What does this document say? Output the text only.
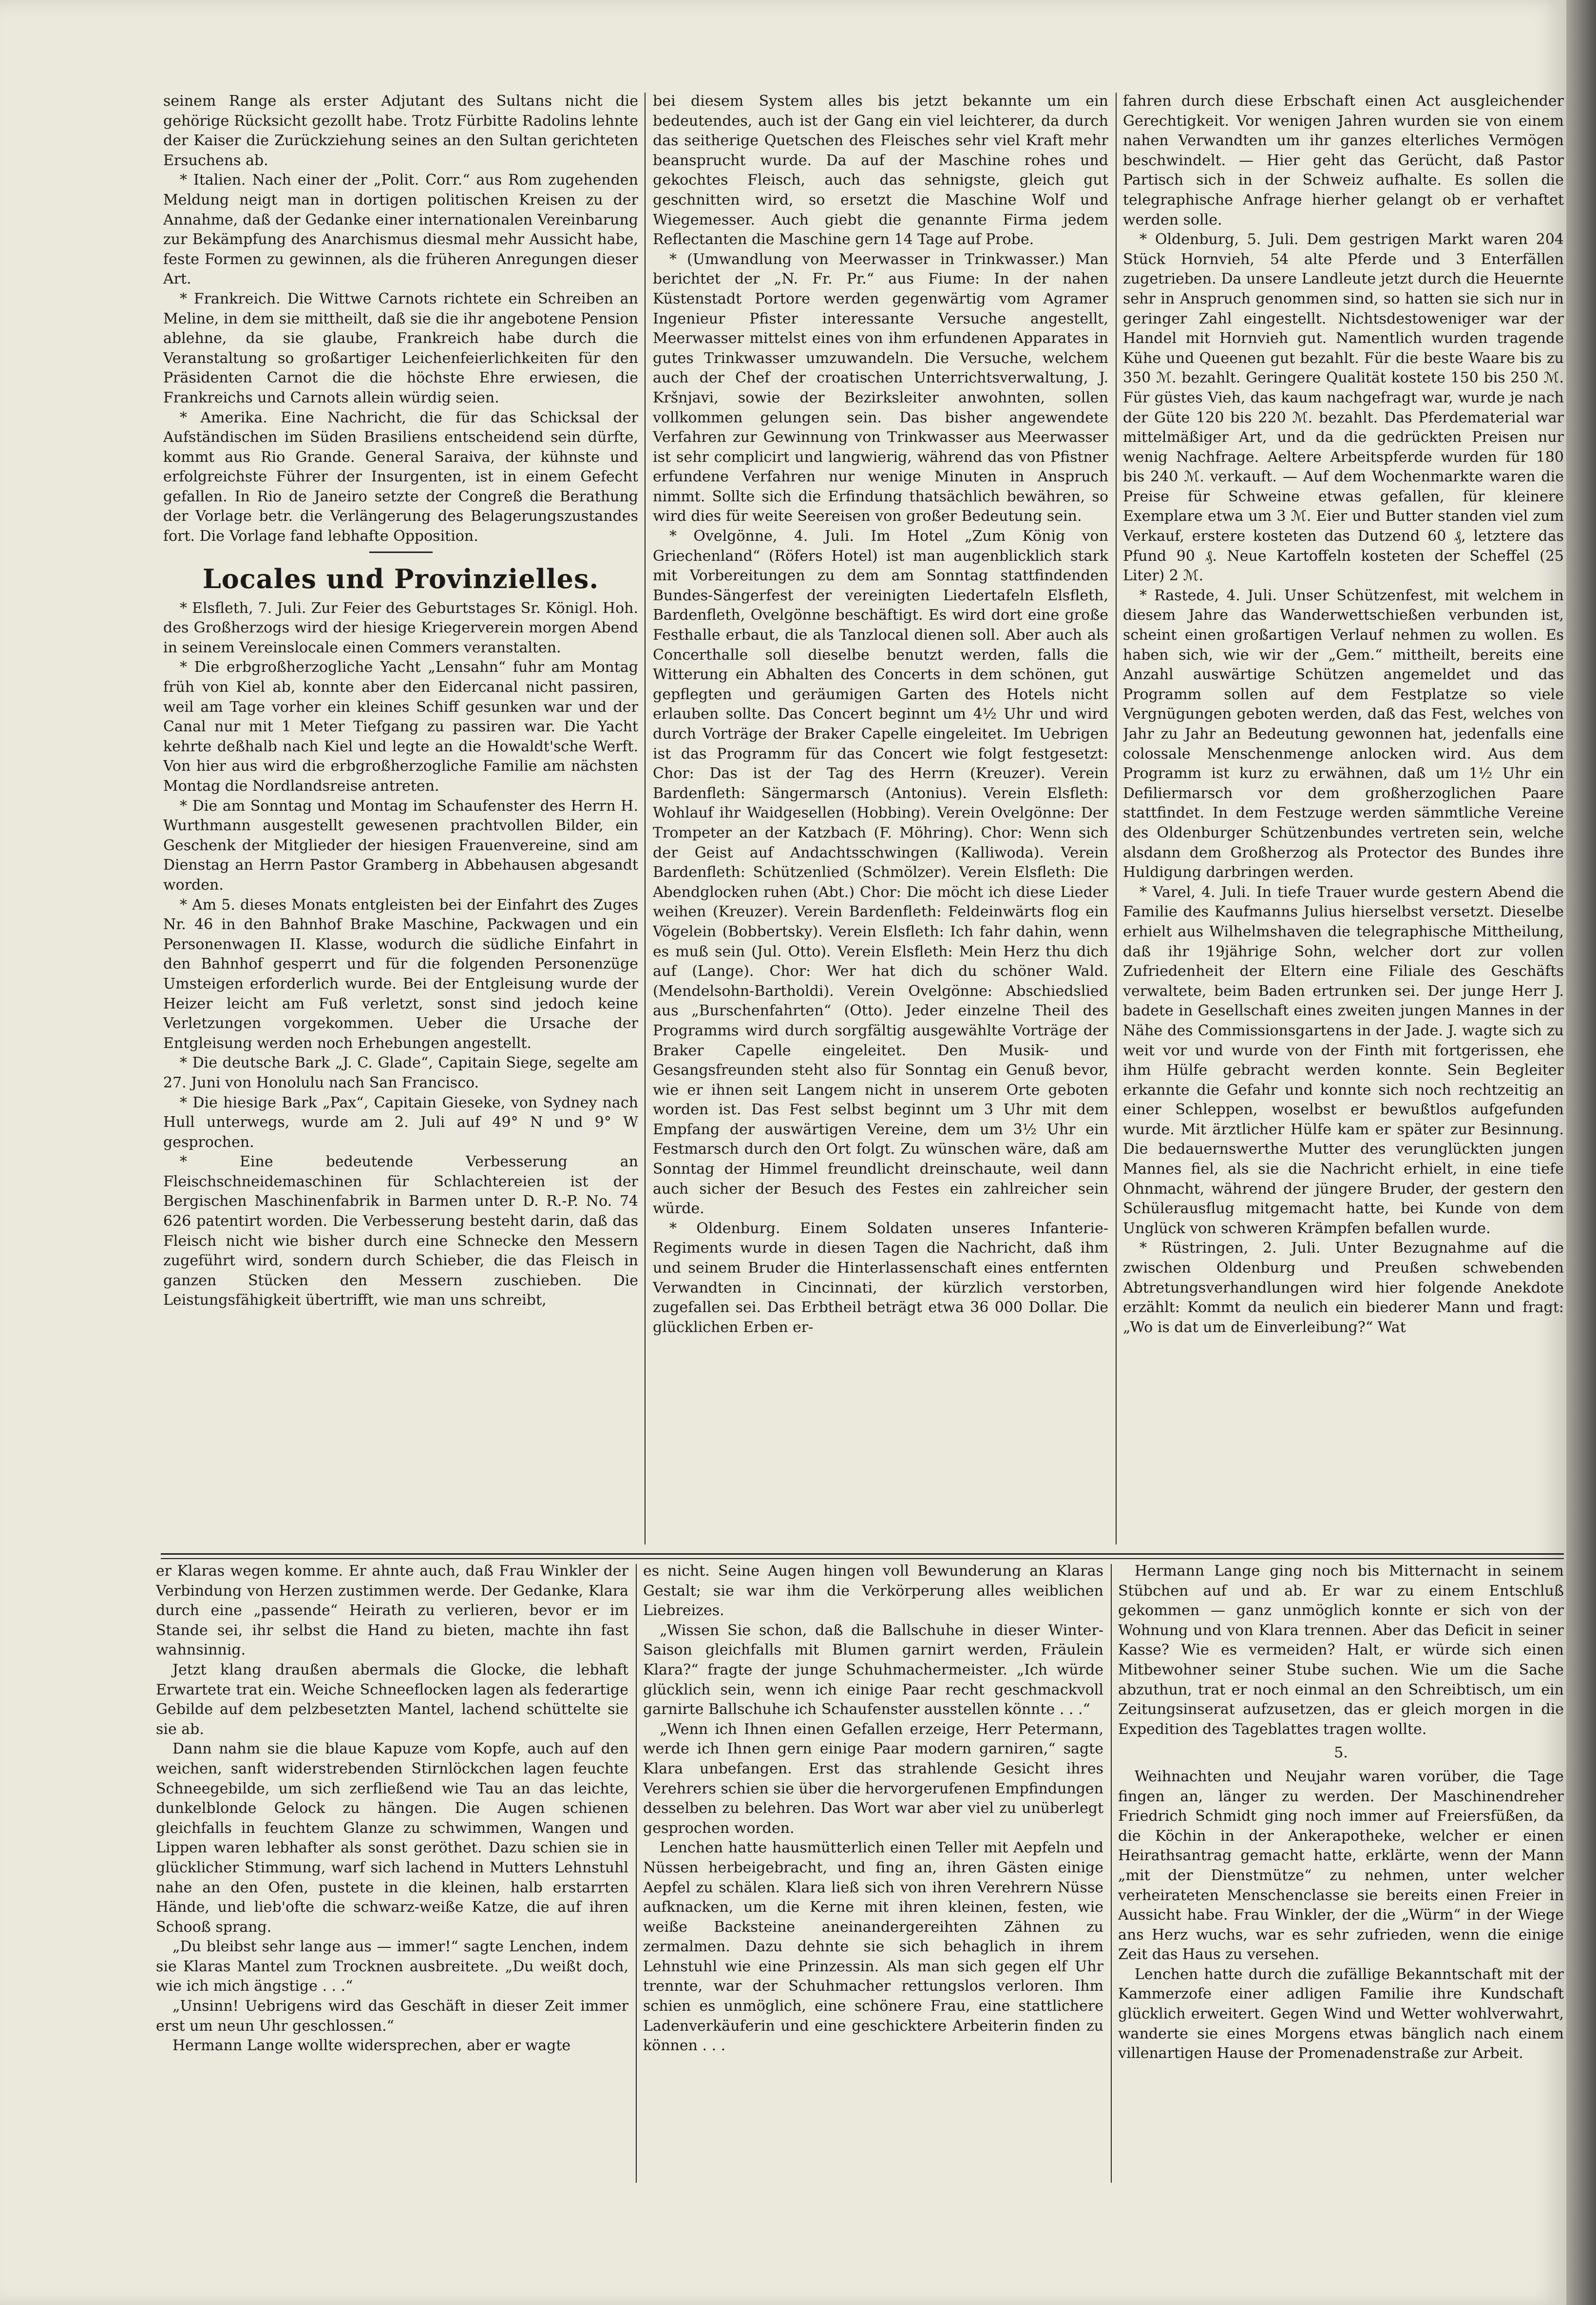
seinem Range als erster Adjutant des Sultans nicht die gehörige Rücksicht gezollt habe. Trotz Fürbitte Radolins lehnte der Kaiser die Zurückziehung seines an den Sultan gerichteten Ersuchens ab.

* Italien. Nach einer der „Polit. Corr.“ aus Rom zugehenden Meldung neigt man in dortigen politischen Kreisen zu der Annahme, daß der Gedanke einer internationalen Vereinbarung zur Bekämpfung des Anarchismus diesmal mehr Aussicht habe, feste Formen zu gewinnen, als die früheren Anregungen dieser Art.

* Frankreich. Die Wittwe Carnots richtete ein Schreiben an Meline, in dem sie mittheilt, daß sie die ihr angebotene Pension ablehne, da sie glaube, Frankreich habe durch die Veranstaltung so großartiger Leichenfeierlichkeiten für den Präsidenten Carnot die die höchste Ehre erwiesen, die Frankreichs und Carnots allein würdig seien.

* Amerika. Eine Nachricht, die für das Schicksal der Aufständischen im Süden Brasiliens entscheidend sein dürfte, kommt aus Rio Grande. General Saraiva, der kühnste und erfolgreichste Führer der Insurgenten, ist in einem Gefecht gefallen. In Rio de Janeiro setzte der Congreß die Berathung der Vorlage betr. die Verlängerung des Belagerungszustandes fort. Die Vorlage fand lebhafte Opposition.

Locales und Provinzielles.

* Elsfleth, 7. Juli. Zur Feier des Geburtstages Sr. Königl. Hoh. des Großherzogs wird der hiesige Kriegerverein morgen Abend in seinem Vereinslocale einen Commers veranstalten.

* Die erbgroßherzogliche Yacht „Lensahn“ fuhr am Montag früh von Kiel ab, konnte aber den Eidercanal nicht passiren, weil am Tage vorher ein kleines Schiff gesunken war und der Canal nur mit 1 Meter Tiefgang zu passiren war. Die Yacht kehrte deßhalb nach Kiel und legte an die Howaldt'sche Werft. Von hier aus wird die erbgroßherzogliche Familie am nächsten Montag die Nordlandsreise antreten.

* Die am Sonntag und Montag im Schaufenster des Herrn H. Wurthmann ausgestellt gewesenen prachtvollen Bilder, ein Geschenk der Mitglieder der hiesigen Frauenvereine, sind am Dienstag an Herrn Pastor Gramberg in Abbehausen abgesandt worden.

* Am 5. dieses Monats entgleisten bei der Einfahrt des Zuges Nr. 46 in den Bahnhof Brake Maschine, Packwagen und ein Personenwagen II. Klasse, wodurch die südliche Einfahrt in den Bahnhof gesperrt und für die folgenden Personenzüge Umsteigen erforderlich wurde. Bei der Entgleisung wurde der Heizer leicht am Fuß verletzt, sonst sind jedoch keine Verletzungen vorgekommen. Ueber die Ursache der Entgleisung werden noch Erhebungen angestellt.

* Die deutsche Bark „J. C. Glade“, Capitain Siege, segelte am 27. Juni von Honolulu nach San Francisco.

* Die hiesige Bark „Pax“, Capitain Gieseke, von Sydney nach Hull unterwegs, wurde am 2. Juli auf 49° N und 9° W gesprochen.

* Eine bedeutende Verbesserung an Fleischschneidemaschinen für Schlachtereien ist der Bergischen Maschinenfabrik in Barmen unter D. R.-P. No. 74 626 patentirt worden. Die Verbesserung besteht darin, daß das Fleisch nicht wie bisher durch eine Schnecke den Messern zugeführt wird, sondern durch Schieber, die das Fleisch in ganzen Stücken den Messern zuschieben. Die Leistungsfähigkeit übertrifft, wie man uns schreibt,

bei diesem System alles bis jetzt bekannte um ein bedeutendes, auch ist der Gang ein viel leichterer, da durch das seitherige Quetschen des Fleisches sehr viel Kraft mehr beansprucht wurde. Da auf der Maschine rohes und gekochtes Fleisch, auch das sehnigste, gleich gut geschnitten wird, so ersetzt die Maschine Wolf und Wiegemesser. Auch giebt die genannte Firma jedem Reflectanten die Maschine gern 14 Tage auf Probe.

* (Umwandlung von Meerwasser in Trinkwasser.) Man berichtet der „N. Fr. Pr.“ aus Fiume: In der nahen Küstenstadt Portore werden gegenwärtig vom Agramer Ingenieur Pfister interessante Versuche angestellt, Meerwasser mittelst eines von ihm erfundenen Apparates in gutes Trinkwasser umzuwandeln. Die Versuche, welchem auch der Chef der croatischen Unterrichtsverwaltung, J. Kršnjavi, sowie der Bezirksleiter anwohnten, sollen vollkommen gelungen sein. Das bisher angewendete Verfahren zur Gewinnung von Trinkwasser aus Meerwasser ist sehr complicirt und langwierig, während das von Pfistner erfundene Verfahren nur wenige Minuten in Anspruch nimmt. Sollte sich die Erfindung thatsächlich bewähren, so wird dies für weite Seereisen von großer Bedeutung sein.

* Ovelgönne, 4. Juli. Im Hotel „Zum König von Griechenland“ (Röfers Hotel) ist man augenblicklich stark mit Vorbereitungen zu dem am Sonntag stattfindenden Bundes-Sängerfest der vereinigten Liedertafeln Elsfleth, Bardenfleth, Ovelgönne beschäftigt. Es wird dort eine große Festhalle erbaut, die als Tanzlocal dienen soll. Aber auch als Concerthalle soll dieselbe benutzt werden, falls die Witterung ein Abhalten des Concerts in dem schönen, gut gepflegten und geräumigen Garten des Hotels nicht erlauben sollte. Das Concert beginnt um 4½ Uhr und wird durch Vorträge der Braker Capelle eingeleitet. Im Uebrigen ist das Programm für das Concert wie folgt festgesetzt: Chor: Das ist der Tag des Herrn (Kreuzer). Verein Bardenfleth: Sängermarsch (Antonius). Verein Elsfleth: Wohlauf ihr Waidgesellen (Hobbing). Verein Ovelgönne: Der Trompeter an der Katzbach (F. Möhring). Chor: Wenn sich der Geist auf Andachtsschwingen (Kalliwoda). Verein Bardenfleth: Schützenlied (Schmölzer). Verein Elsfleth: Die Abendglocken ruhen (Abt.) Chor: Die möcht ich diese Lieder weihen (Kreuzer). Verein Bardenfleth: Feldeinwärts flog ein Vögelein (Bobbertsky). Verein Elsfleth: Ich fahr dahin, wenn es muß sein (Jul. Otto). Verein Elsfleth: Mein Herz thu dich auf (Lange). Chor: Wer hat dich du schöner Wald. (Mendelsohn-Bartholdi). Verein Ovelgönne: Abschiedslied aus „Burschenfahrten“ (Otto). Jeder einzelne Theil des Programms wird durch sorgfältig ausgewählte Vorträge der Braker Capelle eingeleitet. Den Musik- und Gesangsfreunden steht also für Sonntag ein Genuß bevor, wie er ihnen seit Langem nicht in unserem Orte geboten worden ist. Das Fest selbst beginnt um 3 Uhr mit dem Empfang der auswärtigen Vereine, dem um 3½ Uhr ein Festmarsch durch den Ort folgt. Zu wünschen wäre, daß am Sonntag der Himmel freundlicht dreinschaute, weil dann auch sicher der Besuch des Festes ein zahlreicher sein würde.

* Oldenburg. Einem Soldaten unseres Infanterie-Regiments wurde in diesen Tagen die Nachricht, daß ihm und seinem Bruder die Hinterlassenschaft eines entfernten Verwandten in Cincinnati, der kürzlich verstorben, zugefallen sei. Das Erbtheil beträgt etwa 36 000 Dollar. Die glücklichen Erben er-

fahren durch diese Erbschaft einen Act ausgleichender Gerechtigkeit. Vor wenigen Jahren wurden sie von einem nahen Verwandten um ihr ganzes elterliches Vermögen beschwindelt. — Hier geht das Gerücht, daß Pastor Partisch sich in der Schweiz aufhalte. Es sollen die telegraphische Anfrage hierher gelangt ob er verhaftet werden solle.

* Oldenburg, 5. Juli. Dem gestrigen Markt waren 204 Stück Hornvieh, 54 alte Pferde und 3 Enterfällen zugetrieben. Da unsere Landleute jetzt durch die Heuernte sehr in Anspruch genommen sind, so hatten sie sich nur in geringer Zahl eingestellt. Nichtsdestoweniger war der Handel mit Hornvieh gut. Namentlich wurden tragende Kühe und Queenen gut bezahlt. Für die beste Waare bis zu 350 ℳ. bezahlt. Geringere Qualität kostete 150 bis 250 ℳ. Für güstes Vieh, das kaum nachgefragt war, wurde je nach der Güte 120 bis 220 ℳ. bezahlt. Das Pferdematerial war mittelmäßiger Art, und da die gedrückten Preisen nur wenig Nachfrage. Aeltere Arbeitspferde wurden für 180 bis 240 ℳ. verkauft. — Auf dem Wochenmarkte waren die Preise für Schweine etwas gefallen, für kleinere Exemplare etwa um 3 ℳ. Eier und Butter standen viel zum Verkauf, erstere kosteten das Dutzend 60 ₰, letztere das Pfund 90 ₰. Neue Kartoffeln kosteten der Scheffel (25 Liter) 2 ℳ.

* Rastede, 4. Juli. Unser Schützenfest, mit welchem in diesem Jahre das Wanderwettschießen verbunden ist, scheint einen großartigen Verlauf nehmen zu wollen. Es haben sich, wie wir der „Gem.“ mittheilt, bereits eine Anzahl auswärtige Schützen angemeldet und das Programm sollen auf dem Festplatze so viele Vergnügungen geboten werden, daß das Fest, welches von Jahr zu Jahr an Bedeutung gewonnen hat, jedenfalls eine colossale Menschenmenge anlocken wird. Aus dem Programm ist kurz zu erwähnen, daß um 1½ Uhr ein Defiliermarsch vor dem großherzoglichen Paare stattfindet. In dem Festzuge werden sämmtliche Vereine des Oldenburger Schützenbundes vertreten sein, welche alsdann dem Großherzog als Protector des Bundes ihre Huldigung darbringen werden.

* Varel, 4. Juli. In tiefe Trauer wurde gestern Abend die Familie des Kaufmanns Julius hierselbst versetzt. Dieselbe erhielt aus Wilhelmshaven die telegraphische Mittheilung, daß ihr 19jährige Sohn, welcher dort zur vollen Zufriedenheit der Eltern eine Filiale des Geschäfts verwaltete, beim Baden ertrunken sei. Der junge Herr J. badete in Gesellschaft eines zweiten jungen Mannes in der Nähe des Commissionsgartens in der Jade. J. wagte sich zu weit vor und wurde von der Finth mit fortgerissen, ehe ihm Hülfe gebracht werden konnte. Sein Begleiter erkannte die Gefahr und konnte sich noch rechtzeitig an einer Schleppen, woselbst er bewußtlos aufgefunden wurde. Mit ärztlicher Hülfe kam er später zur Besinnung. Die bedauernswerthe Mutter des verunglückten jungen Mannes fiel, als sie die Nachricht erhielt, in eine tiefe Ohnmacht, während der jüngere Bruder, der gestern den Schülerausflug mitgemacht hatte, bei Kunde von dem Unglück von schweren Krämpfen befallen wurde.

* Rüstringen, 2. Juli. Unter Bezugnahme auf die zwischen Oldenburg und Preußen schwebenden Abtretungsverhandlungen wird hier folgende Anekdote erzählt: Kommt da neulich ein biederer Mann und fragt: „Wo is dat um de Einverleibung?“ Wat

er Klaras wegen komme. Er ahnte auch, daß Frau Winkler der Verbindung von Herzen zustimmen werde. Der Gedanke, Klara durch eine „passende“ Heirath zu verlieren, bevor er im Stande sei, ihr selbst die Hand zu bieten, machte ihn fast wahnsinnig.

Jetzt klang draußen abermals die Glocke, die lebhaft Erwartete trat ein. Weiche Schneeflocken lagen als federartige Gebilde auf dem pelzbesetzten Mantel, lachend schüttelte sie sie ab.

Dann nahm sie die blaue Kapuze vom Kopfe, auch auf den weichen, sanft widerstrebenden Stirnlöckchen lagen feuchte Schneegebilde, um sich zerfließend wie Tau an das leichte, dunkelblonde Gelock zu hängen. Die Augen schienen gleichfalls in feuchtem Glanze zu schwimmen, Wangen und Lippen waren lebhafter als sonst geröthet. Dazu schien sie in glücklicher Stimmung, warf sich lachend in Mutters Lehnstuhl nahe an den Ofen, pustete in die kleinen, halb erstarrten Hände, und lieb'ofte die schwarz-weiße Katze, die auf ihren Schooß sprang.

„Du bleibst sehr lange aus — immer!“ sagte Lenchen, indem sie Klaras Mantel zum Trocknen ausbreitete. „Du weißt doch, wie ich mich ängstige . . .“

„Unsinn! Uebrigens wird das Geschäft in dieser Zeit immer erst um neun Uhr geschlossen.“

Hermann Lange wollte widersprechen, aber er wagte

es nicht. Seine Augen hingen voll Bewunderung an Klaras Gestalt; sie war ihm die Verkörperung alles weiblichen Liebreizes.

„Wissen Sie schon, daß die Ballschuhe in dieser Winter-Saison gleichfalls mit Blumen garnirt werden, Fräulein Klara?“ fragte der junge Schuhmachermeister. „Ich würde glücklich sein, wenn ich einige Paar recht geschmackvoll garnirte Ballschuhe ich Schaufenster ausstellen könnte . . .“

„Wenn ich Ihnen einen Gefallen erzeige, Herr Petermann, werde ich Ihnen gern einige Paar modern garniren,“ sagte Klara unbefangen. Erst das strahlende Gesicht ihres Verehrers schien sie über die hervorgerufenen Empfindungen desselben zu belehren. Das Wort war aber viel zu unüberlegt gesprochen worden.

Lenchen hatte hausmütterlich einen Teller mit Aepfeln und Nüssen herbeigebracht, und fing an, ihren Gästen einige Aepfel zu schälen. Klara ließ sich von ihren Verehrern Nüsse aufknacken, um die Kerne mit ihren kleinen, festen, wie weiße Backsteine aneinandergereihten Zähnen zu zermalmen. Dazu dehnte sie sich behaglich in ihrem Lehnstuhl wie eine Prinzessin. Als man sich gegen elf Uhr trennte, war der Schuhmacher rettungslos verloren. Ihm schien es unmöglich, eine schönere Frau, eine stattlichere Ladenverkäuferin und eine geschicktere Arbeiterin finden zu können . . .

Hermann Lange ging noch bis Mitternacht in seinem Stübchen auf und ab. Er war zu einem Entschluß gekommen — ganz unmöglich konnte er sich von der Wohnung und von Klara trennen. Aber das Deficit in seiner Kasse? Wie es vermeiden? Halt, er würde sich einen Mitbewohner seiner Stube suchen. Wie um die Sache abzuthun, trat er noch einmal an den Schreibtisch, um ein Zeitungsinserat aufzusetzen, das er gleich morgen in die Expedition des Tageblattes tragen wollte.

5.

Weihnachten und Neujahr waren vorüber, die Tage fingen an, länger zu werden. Der Maschinendreher Friedrich Schmidt ging noch immer auf Freiersfüßen, da die Köchin in der Ankerapotheke, welcher er einen Heirathsantrag gemacht hatte, erklärte, wenn der Mann „mit der Dienstmütze“ zu nehmen, unter welcher verheirateten Menschenclasse sie bereits einen Freier in Aussicht habe. Frau Winkler, der die „Würm“ in der Wiege ans Herz wuchs, war es sehr zufrieden, wenn die einige Zeit das Haus zu versehen.

Lenchen hatte durch die zufällige Bekanntschaft mit der Kammerzofe einer adligen Familie ihre Kundschaft glücklich erweitert. Gegen Wind und Wetter wohlverwahrt, wanderte sie eines Morgens etwas bänglich nach einem villenartigen Hause der Promenadenstraße zur Arbeit.
